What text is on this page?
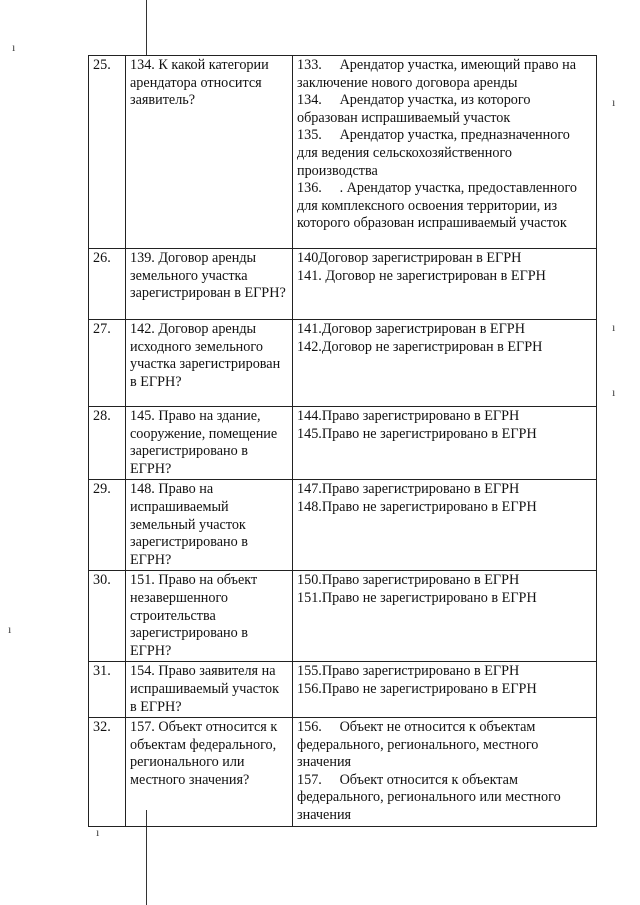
ı
ı
ı
ı
ı
ı
25.	134. К какой категории арендатора относится заявитель?	133.     Арендатор участка, имеющий право на заключение нового договора аренды
134.     Арендатор участка, из которого образован испрашиваемый участок
135.     Арендатор участка, предназначенного для ведения сельскохозяйственного производства
136.     . Арендатор участка, предоставленного для комплексного освоения территории, из которого образован испрашиваемый участок

26.	139. Договор аренды земельного участка зарегистрирован в ЕГРН?	140Договор зарегистрирован в ЕГРН
141. Договор не зарегистрирован в ЕГРН

27.	142. Договор аренды исходного земельного участка зарегистрирован в ЕГРН?	141.Договор зарегистрирован в ЕГРН
142.Договор не зарегистрирован в ЕГРН

28.	145. Право на здание, сооружение, помещение зарегистрировано в ЕГРН?	144.Право зарегистрировано в ЕГРН
145.Право не зарегистрировано в ЕГРН

29.	148. Право на испрашиваемый земельный участок зарегистрировано в ЕГРН?	147.Право зарегистрировано в ЕГРН
148.Право не зарегистрировано в ЕГРН

30.	151. Право на объект незавершенного строительства зарегистрировано в ЕГРН?	150.Право зарегистрировано в ЕГРН
151.Право не зарегистрировано в ЕГРН

31.	154. Право заявителя на испрашиваемый участок в ЕГРН?	155.Право зарегистрировано в ЕГРН
156.Право не зарегистрировано в ЕГРН

32.	157. Объект относится к объектам федерального, регионального или местного значения?	156.     Объект не относится к объектам федерального, регионального, местного значения
157.     Объект относится к объектам федерального, регионального или местного значения
